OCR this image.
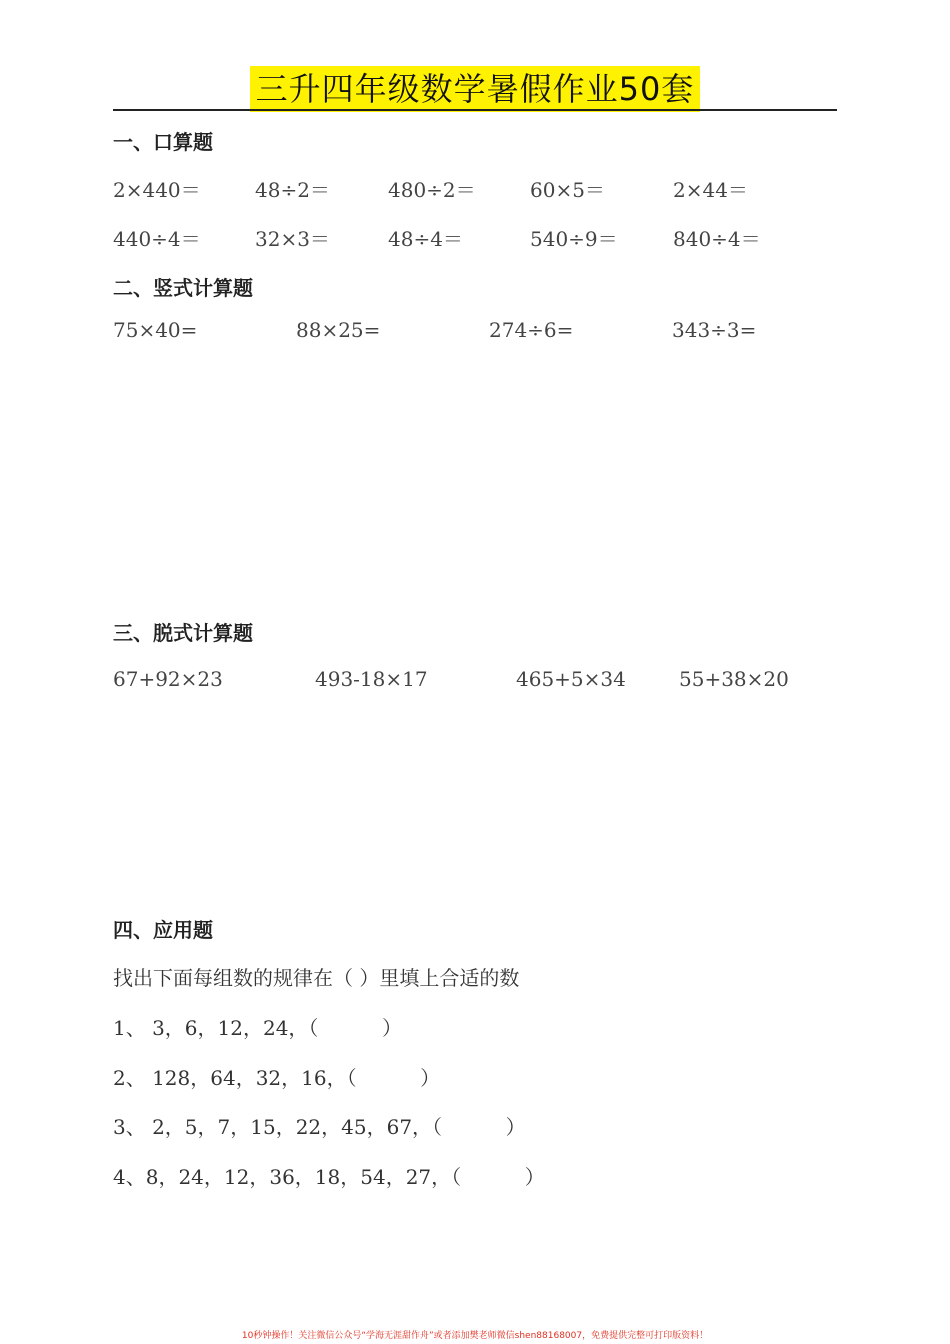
三升四年级数学暑假作业50套
一、口算题
2×440＝	48÷2＝	480÷2＝	60×5＝	2×44＝
440÷4＝	32×3＝	48÷4＝	540÷9＝	840÷4＝
二、竖式计算题
75×40=	88×25=	274÷6=	343÷3=
三、脱式计算题
67+92×23	493-18×17	465+5×34	55+38×20
四、应用题
找出下面每组数的规律在（ ）里填上合适的数
1、 3，6，12，24，（          ）
2、 128，64，32，16，（          ）
3、 2，5，7，15，22，45，67，（          ）
4、8，24，12，36，18，54，27，（          ）
10秒钟操作！关注微信公众号“学海无涯甜作舟”或者添加樊老师微信shen88168007，免费提供完整可打印版资料！
